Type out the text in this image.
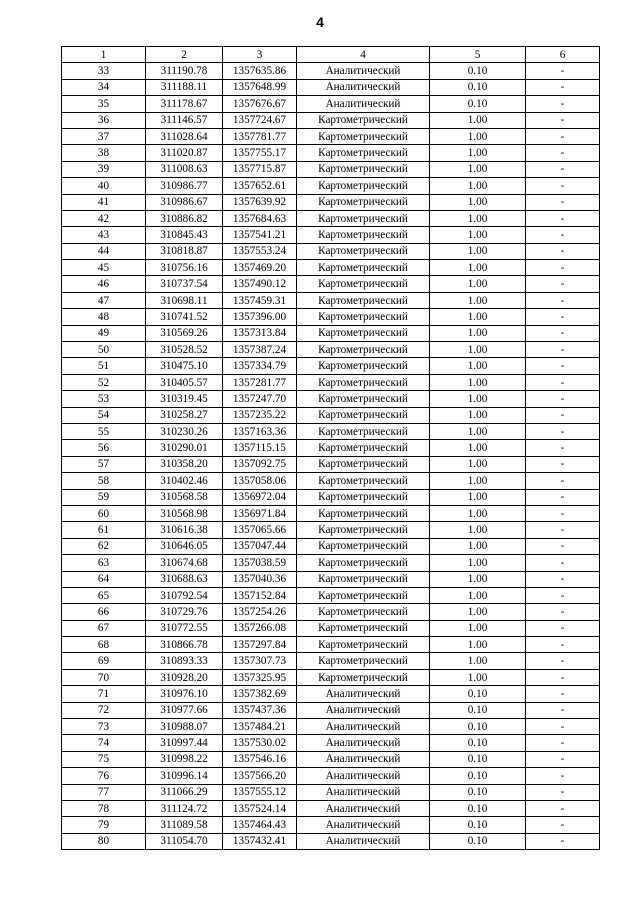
4
1	2	3	4	5	6
33	311190.78	1357635.86	Аналитический	0.10	-
34	311188.11	1357648.99	Аналитический	0.10	-
35	311178.67	1357676.67	Аналитический	0.10	-
36	311146.57	1357724.67	Картометрический	1.00	-
37	311028.64	1357781.77	Картометрический	1.00	-
38	311020.87	1357755.17	Картометрический	1.00	-
39	311008.63	1357715.87	Картометрический	1.00	-
40	310986.77	1357652.61	Картометрический	1.00	-
41	310986.67	1357639.92	Картометрический	1.00	-
42	310886.82	1357684.63	Картометрический	1.00	-
43	310845.43	1357541.21	Картометрический	1.00	-
44	310818.87	1357553.24	Картометрический	1.00	-
45	310756.16	1357469.20	Картометрический	1.00	-
46	310737.54	1357490.12	Картометрический	1.00	-
47	310698.11	1357459.31	Картометрический	1.00	-
48	310741.52	1357396.00	Картометрический	1.00	-
49	310569.26	1357313.84	Картометрический	1.00	-
50	310528.52	1357387.24	Картометрический	1.00	-
51	310475.10	1357334.79	Картометрический	1.00	-
52	310405.57	1357281.77	Картометрический	1.00	-
53	310319.45	1357247.70	Картометрический	1.00	-
54	310258.27	1357235.22	Картометрический	1.00	-
55	310230.26	1357163.36	Картометрический	1.00	-
56	310290.01	1357115.15	Картометрический	1.00	-
57	310358.20	1357092.75	Картометрический	1.00	-
58	310402.46	1357058.06	Картометрический	1.00	-
59	310568.58	1356972.04	Картометрический	1.00	-
60	310568.98	1356971.84	Картометрический	1.00	-
61	310616.38	1357065.66	Картометрический	1.00	-
62	310646.05	1357047.44	Картометрический	1.00	-
63	310674.68	1357038.59	Картометрический	1.00	-
64	310688.63	1357040.36	Картометрический	1.00	-
65	310792.54	1357152.84	Картометрический	1.00	-
66	310729.76	1357254.26	Картометрический	1.00	-
67	310772.55	1357266.08	Картометрический	1.00	-
68	310866.78	1357297.84	Картометрический	1.00	-
69	310893.33	1357307.73	Картометрический	1.00	-
70	310928.20	1357325.95	Картометрический	1.00	-
71	310976.10	1357382.69	Аналитический	0.10	-
72	310977.66	1357437.36	Аналитический	0.10	-
73	310988.07	1357484.21	Аналитический	0.10	-
74	310997.44	1357530.02	Аналитический	0.10	-
75	310998.22	1357546.16	Аналитический	0.10	-
76	310996.14	1357566.20	Аналитический	0.10	-
77	311066.29	1357555.12	Аналитический	0.10	-
78	311124.72	1357524.14	Аналитический	0.10	-
79	311089.58	1357464.43	Аналитический	0.10	-
80	311054.70	1357432.41	Аналитический	0.10	-
